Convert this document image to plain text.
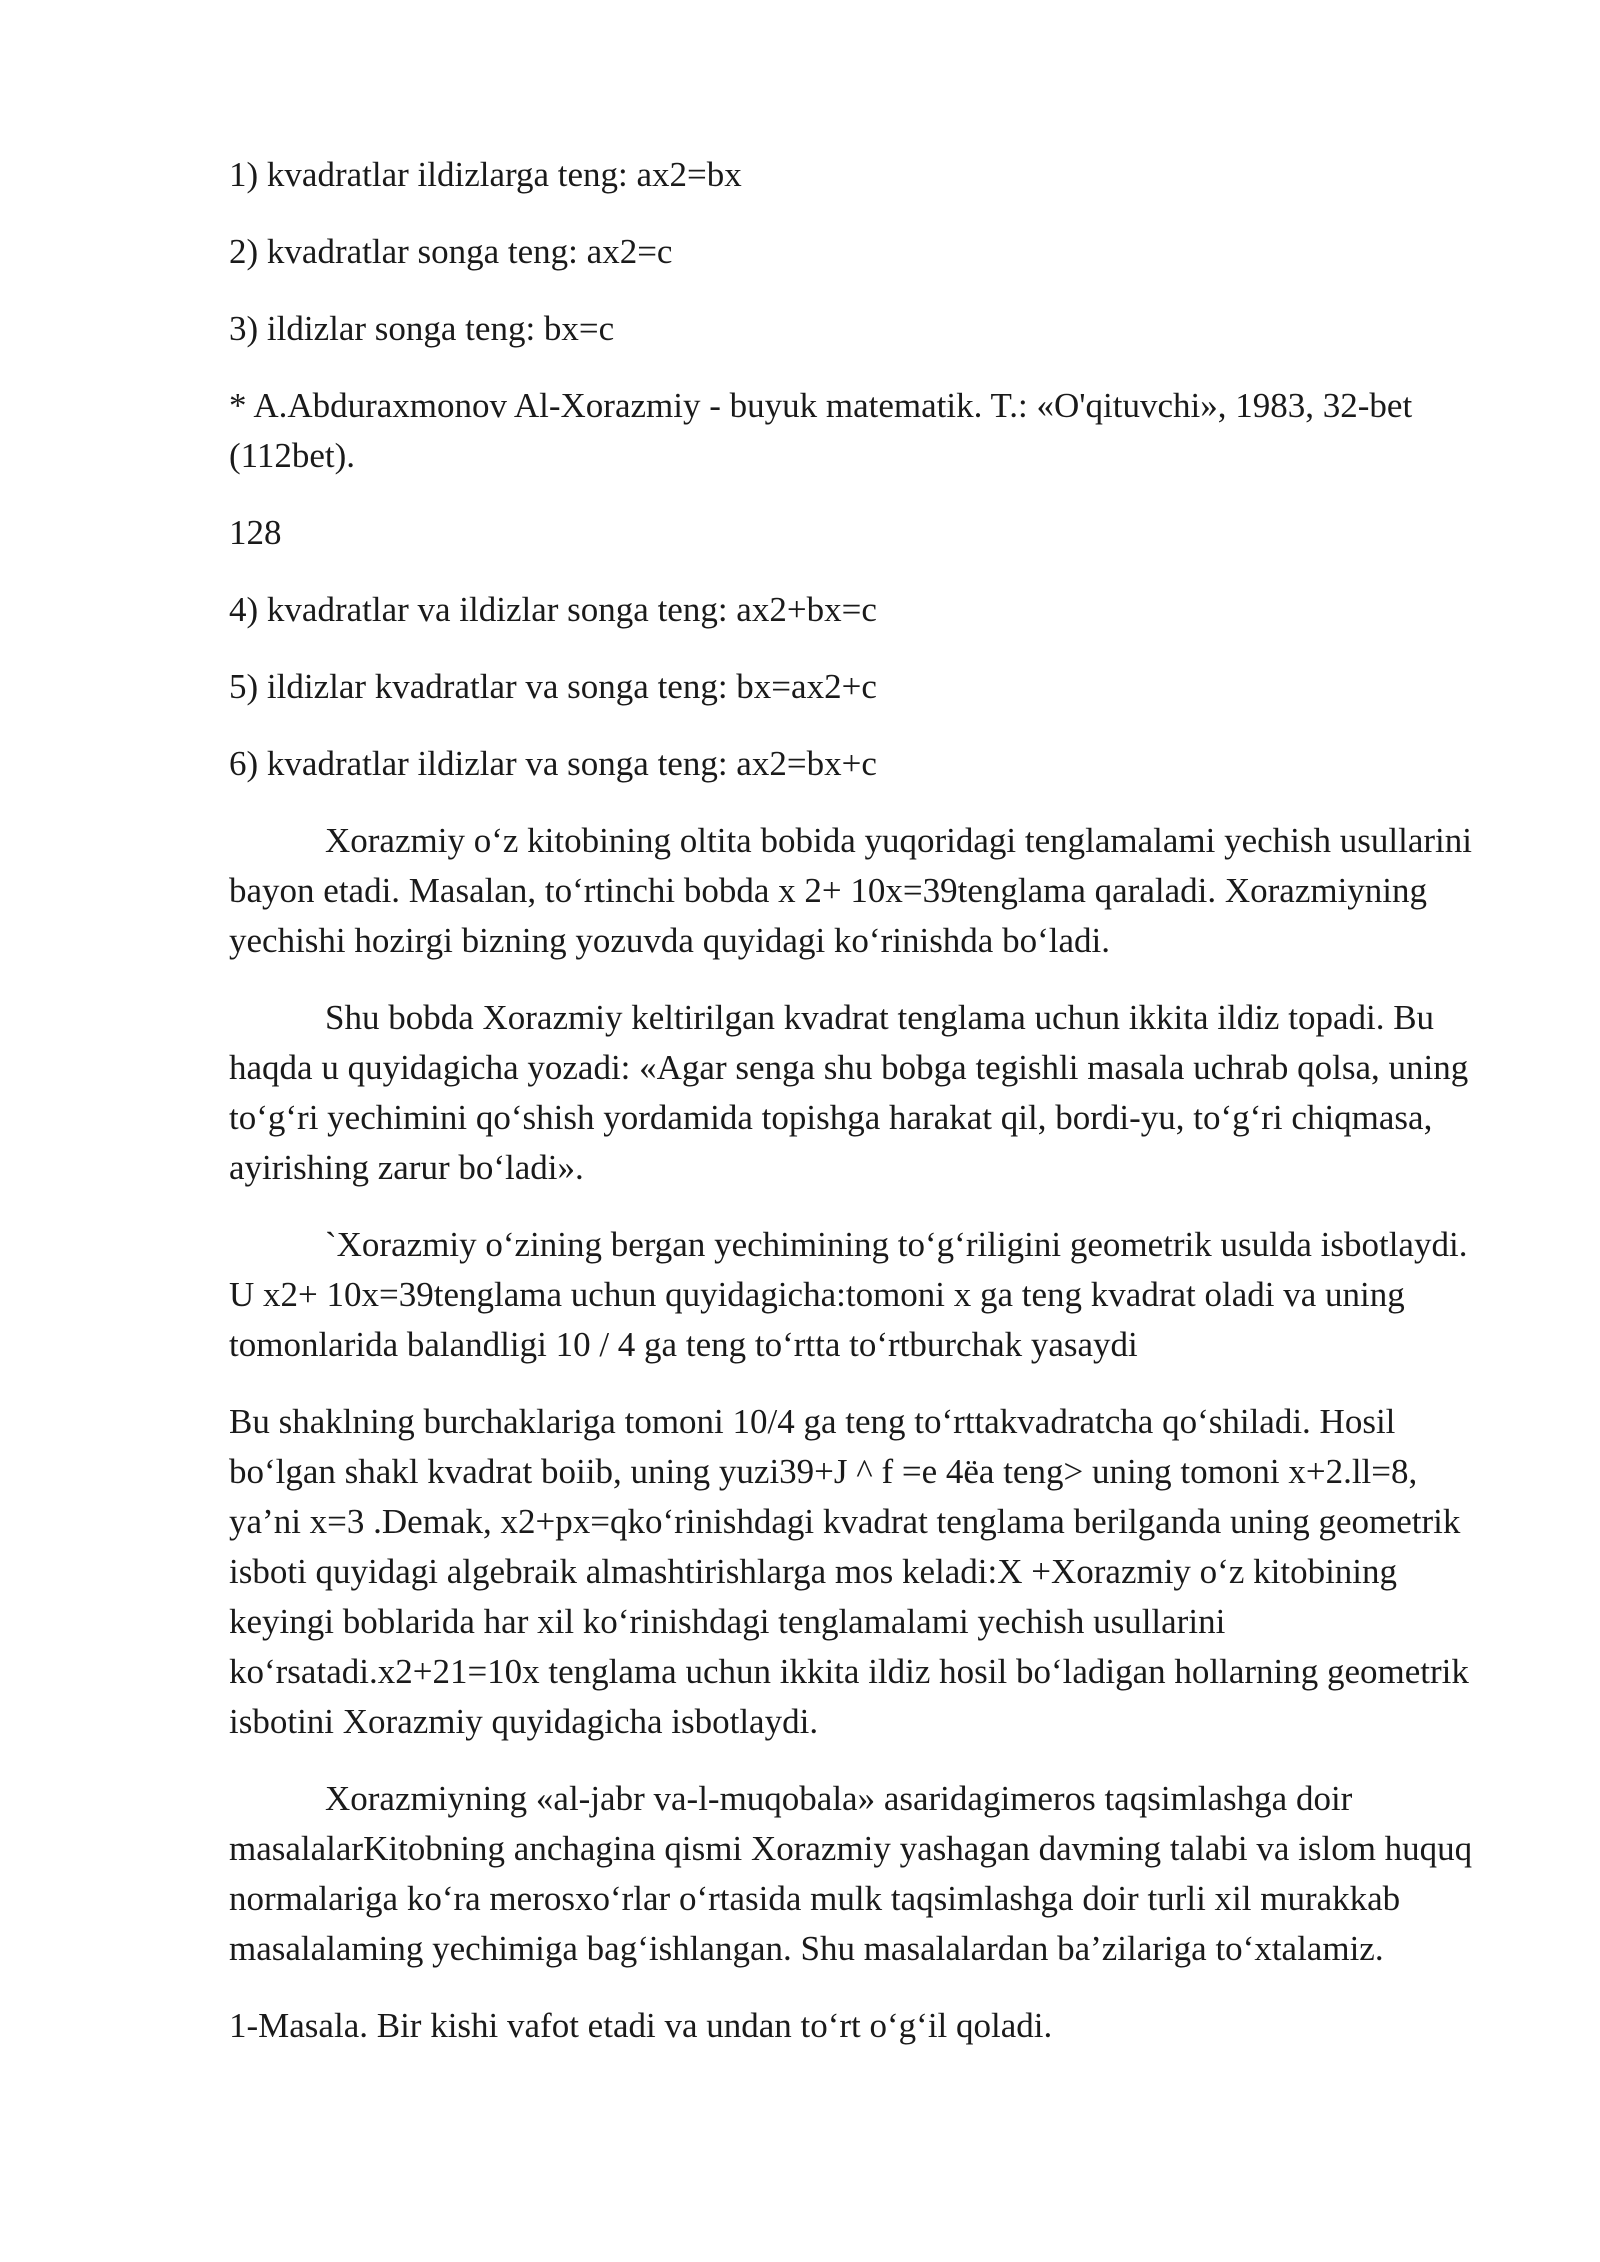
1) kvadratlar ildizlarga teng: ax2=bx

2) kvadratlar songa teng: ax2=c

3) ildizlar songa teng: bx=c

* A.Abduraxmonov Al-Xorazmiy - buyuk matematik. T.: «O'qituvchi», 1983, 32-bet (112bet).

128

4) kvadratlar va ildizlar songa teng: ax2+bx=c

5) ildizlar kvadratlar va songa teng: bx=ax2+c

6) kvadratlar ildizlar va songa teng: ax2=bx+c

Xorazmiy o‘z kitobining oltita bobida yuqoridagi tenglamalami yechish usullarini bayon etadi. Masalan, to‘rtinchi bobda x 2+ 10x=39tenglama qaraladi. Xorazmiyning yechishi hozirgi bizning yozuvda quyidagi ko‘rinishda bo‘ladi.

Shu bobda Xorazmiy keltirilgan kvadrat tenglama uchun ikkita ildiz topadi. Bu haqda u quyidagicha yozadi: «Agar senga shu bobga tegishli masala uchrab qolsa, uning to‘g‘ri yechimini qo‘shish yordamida topishga harakat qil, bordi-yu, to‘g‘ri chiqmasa, ayirishing zarur bo‘ladi».

`Xorazmiy o‘zining bergan yechimining to‘g‘riligini geometrik usulda isbotlaydi. U x2+ 10x=39tenglama uchun quyidagicha:tomoni x ga teng kvadrat oladi va uning tomonlarida balandligi 10 / 4 ga teng to‘rtta to‘rtburchak yasaydi

Bu shaklning burchaklariga tomoni 10/4 ga teng to‘rttakvadratcha qo‘shiladi. Hosil bo‘lgan shakl kvadrat boiib, uning yuzi39+J ^ f =e 4ëa teng> uning tomoni x+2.ll=8, ya’ni x=3 .Demak, x2+px=qko‘rinishdagi kvadrat tenglama berilganda uning geometrik isboti quyidagi algebraik almashtirishlarga mos keladi:X +Xorazmiy o‘z kitobining keyingi boblarida har xil ko‘rinishdagi tenglamalami yechish usullarini ko‘rsatadi.x2+21=10x tenglama uchun ikkita ildiz hosil bo‘ladigan hollarning geometrik isbotini Xorazmiy quyidagicha isbotlaydi.

Xorazmiyning «al-jabr va-l-muqobala» asaridagimeros taqsimlashga doir masalalarKitobning anchagina qismi Xorazmiy yashagan davming talabi va islom huquq normalariga ko‘ra merosxo‘rlar o‘rtasida mulk taqsimlashga doir turli xil murakkab masalalaming yechimiga bag‘ishlangan. Shu masalalardan ba’zilariga to‘xtalamiz.

1-Masala. Bir kishi vafot etadi va undan to‘rt o‘g‘il qoladi.
